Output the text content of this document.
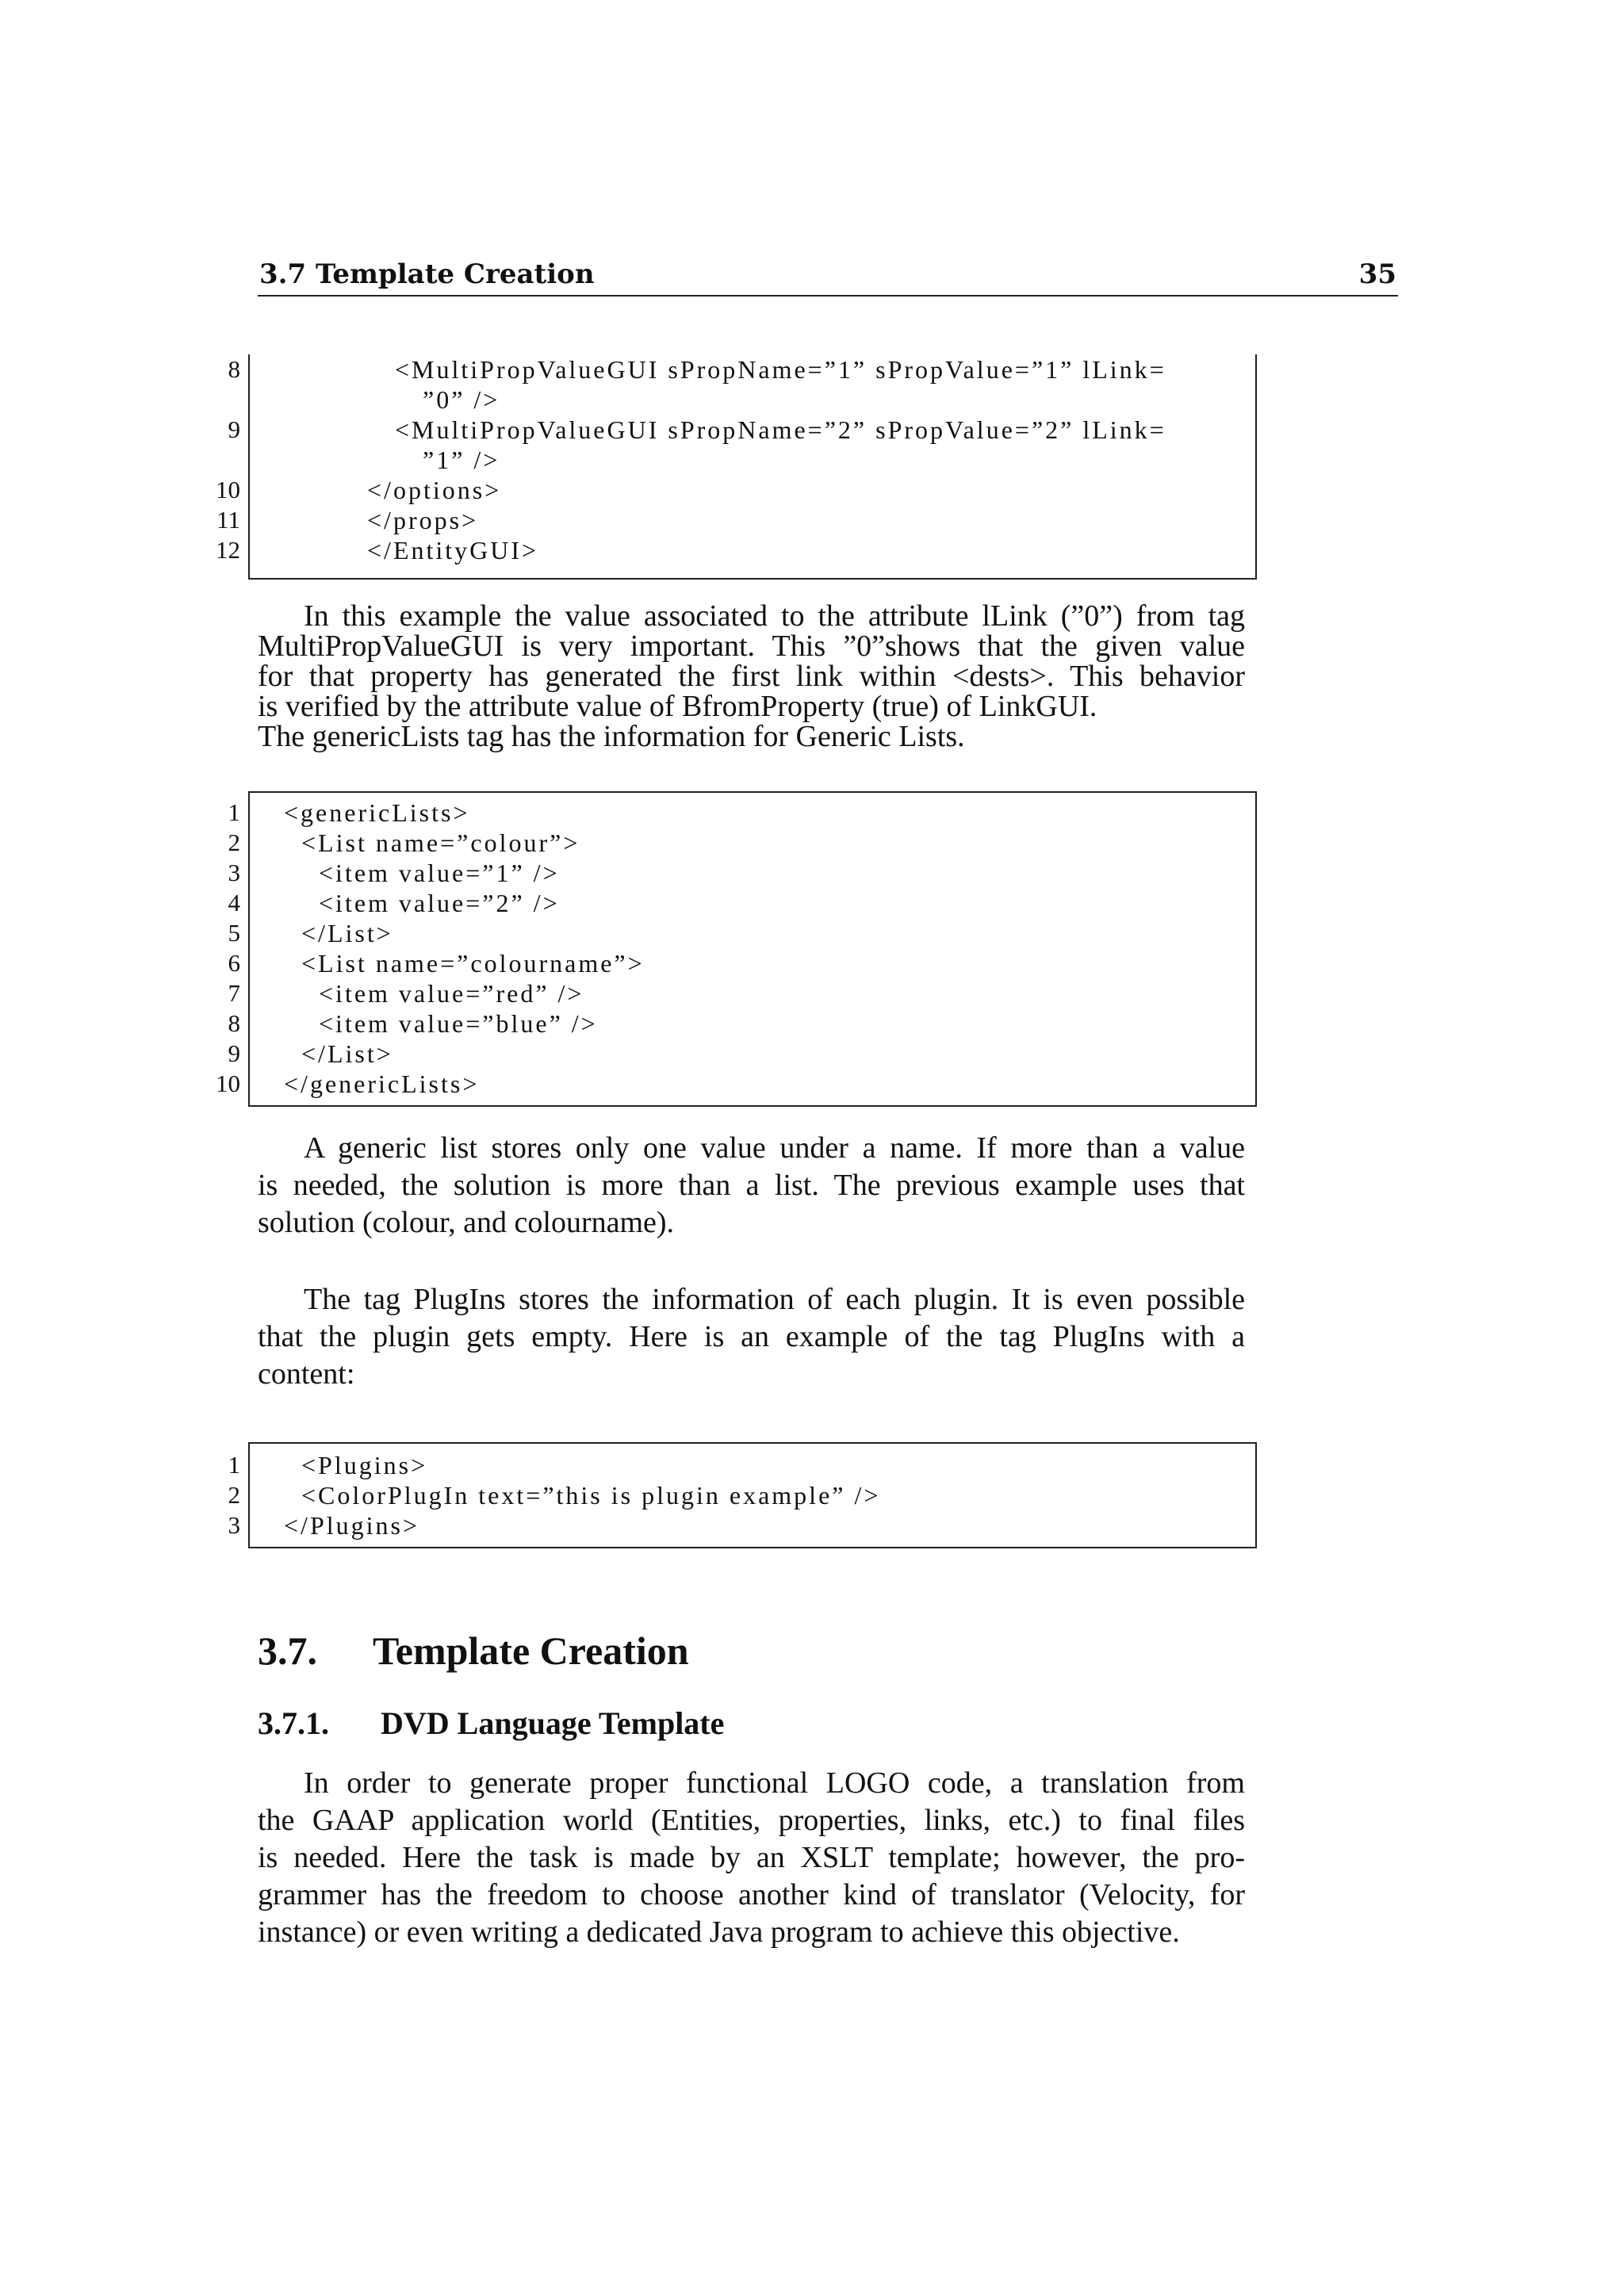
3.7 Template Creation	35
8	<MultiPropValueGUI sPropName=”1” sPropValue=”1” lLink=
”0” />
9	<MultiPropValueGUI sPropName=”2” sPropValue=”2” lLink=
”1” />
10	</options>
11	</props>
12	</EntityGUI>
In this example the value associated to the attribute lLink (”0”) from tag
MultiPropValueGUI is very important. This ”0”shows that the given value
for that property has generated the first link within <dests>. This behavior
is verified by the attribute value of BfromProperty (true) of LinkGUI.
The genericLists tag has the information for Generic Lists.
1 <genericLists>
2 <List name=”colour”>
3 <item value=”1” />
4 <item value=”2” />
5 </List>
6 <List name=”colourname”>
7 <item value=”red” />
8 <item value=”blue” />
9 </List>
10 </genericLists>
A generic list stores only one value under a name. If more than a value
is needed, the solution is more than a list. The previous example uses that
solution (colour, and colourname).
The tag PlugIns stores the information of each plugin. It is even possible
that the plugin gets empty. Here is an example of the tag PlugIns with a
content:
1 <Plugins>
2 <ColorPlugIn text=”this is plugin example” />
3 </Plugins>
3.7. Template Creation
3.7.1. DVD Language Template
In order to generate proper functional LOGO code, a translation from
the GAAP application world (Entities, properties, links, etc.) to final files
is needed. Here the task is made by an XSLT template; however, the pro-
grammer has the freedom to choose another kind of translator (Velocity, for
instance) or even writing a dedicated Java program to achieve this objective.
